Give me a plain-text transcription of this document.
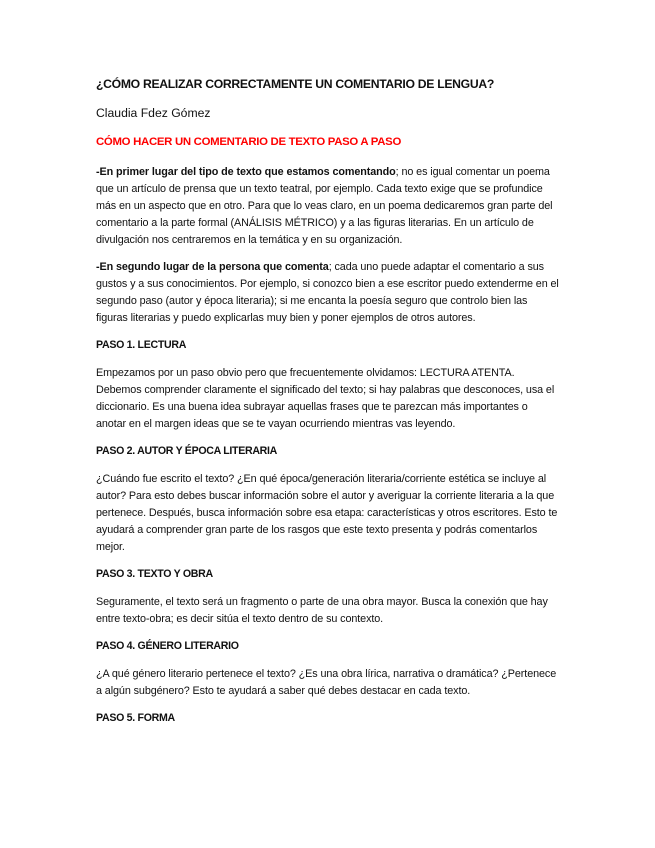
¿CÓMO REALIZAR CORRECTAMENTE UN COMENTARIO DE LENGUA?
Claudia Fdez Gómez
CÓMO HACER UN COMENTARIO DE TEXTO PASO A PASO

-En primer lugar del tipo de texto que estamos comentando; no es igual comentar un poema que un artículo de prensa que un texto teatral, por ejemplo. Cada texto exige que se profundice más en un aspecto que en otro. Para que lo veas claro, en un poema dedicaremos gran parte del comentario a la parte formal (ANÁLISIS MÉTRICO) y a las figuras literarias. En un artículo de divulgación nos centraremos en la temática y en su organización.

-En segundo lugar de la persona que comenta; cada uno puede adaptar el comentario a sus gustos y a sus conocimientos. Por ejemplo, si conozco bien a ese escritor puedo extenderme en el segundo paso (autor y época literaria); si me encanta la poesía seguro que controlo bien las figuras literarias y puedo explicarlas muy bien y poner ejemplos de otros autores.

PASO 1. LECTURA

Empezamos por un paso obvio pero que frecuentemente olvidamos: LECTURA ATENTA. Debemos comprender claramente el significado del texto; si hay palabras que desconoces, usa el diccionario. Es una buena idea subrayar aquellas frases que te parezcan más importantes o anotar en el margen ideas que se te vayan ocurriendo mientras vas leyendo.

PASO 2. AUTOR Y ÉPOCA LITERARIA

¿Cuándo fue escrito el texto? ¿En qué época/generación literaria/corriente estética se incluye al autor? Para esto debes buscar información sobre el autor y averiguar la corriente literaria a la que pertenece. Después, busca información sobre esa etapa: características y otros escritores. Esto te ayudará a comprender gran parte de los rasgos que este texto presenta y podrás comentarlos mejor.

PASO 3. TEXTO Y OBRA

Seguramente, el texto será un fragmento o parte de una obra mayor. Busca la conexión que hay entre texto-obra; es decir sitúa el texto dentro de su contexto.

PASO 4. GÉNERO LITERARIO

¿A qué género literario pertenece el texto? ¿Es una obra lírica, narrativa o dramática? ¿Pertenece a algún subgénero? Esto te ayudará a saber qué debes destacar en cada texto.

PASO 5. FORMA
